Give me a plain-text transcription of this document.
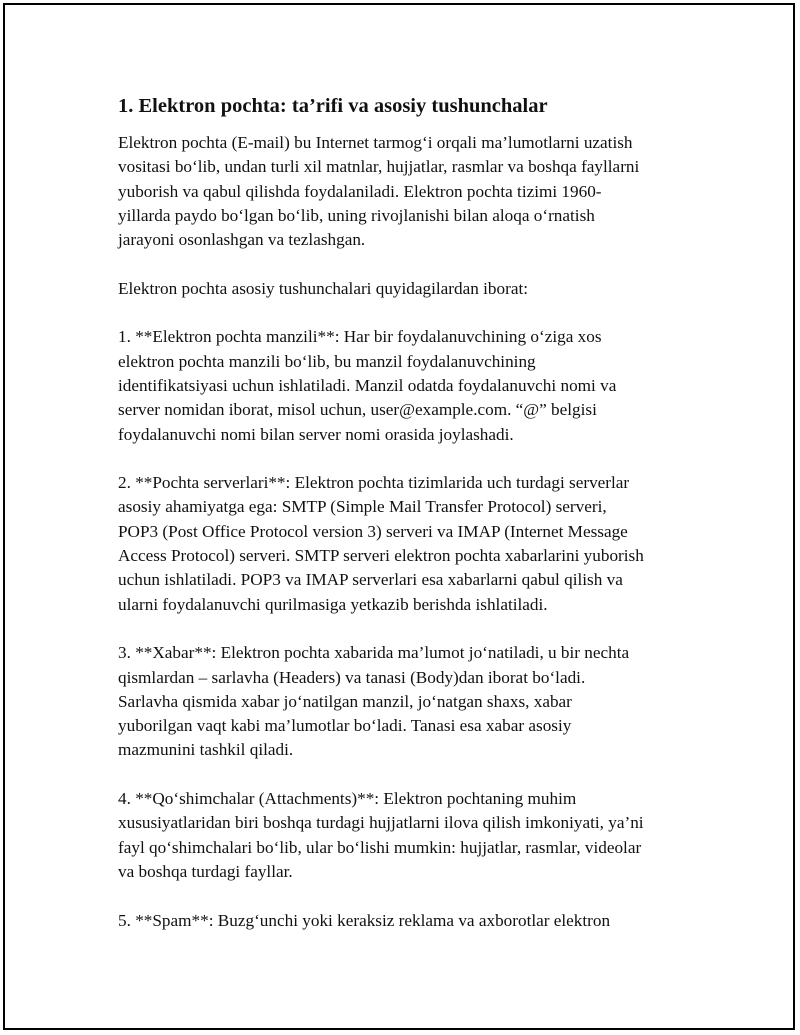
1. Elektron pochta: ta’rifi va asosiy tushunchalar

Elektron pochta (E-mail) bu Internet tarmog‘i orqali ma’lumotlarni uzatish
vositasi bo‘lib, undan turli xil matnlar, hujjatlar, rasmlar va boshqa fayllarni
yuborish va qabul qilishda foydalaniladi. Elektron pochta tizimi 1960-
yillarda paydo bo‘lgan bo‘lib, uning rivojlanishi bilan aloqa o‘rnatish
jarayoni osonlashgan va tezlashgan.

Elektron pochta asosiy tushunchalari quyidagilardan iborat:

1. **Elektron pochta manzili**: Har bir foydalanuvchining o‘ziga xos
elektron pochta manzili bo‘lib, bu manzil foydalanuvchining
identifikatsiyasi uchun ishlatiladi. Manzil odatda foydalanuvchi nomi va
server nomidan iborat, misol uchun, user@example.com. “@” belgisi
foydalanuvchi nomi bilan server nomi orasida joylashadi.

2. **Pochta serverlari**: Elektron pochta tizimlarida uch turdagi serverlar
asosiy ahamiyatga ega: SMTP (Simple Mail Transfer Protocol) serveri,
POP3 (Post Office Protocol version 3) serveri va IMAP (Internet Message
Access Protocol) serveri. SMTP serveri elektron pochta xabarlarini yuborish
uchun ishlatiladi. POP3 va IMAP serverlari esa xabarlarni qabul qilish va
ularni foydalanuvchi qurilmasiga yetkazib berishda ishlatiladi.

3. **Xabar**: Elektron pochta xabarida ma’lumot jo‘natiladi, u bir nechta
qismlardan – sarlavha (Headers) va tanasi (Body)dan iborat bo‘ladi.
Sarlavha qismida xabar jo‘natilgan manzil, jo‘natgan shaxs, xabar
yuborilgan vaqt kabi ma’lumotlar bo‘ladi. Tanasi esa xabar asosiy
mazmunini tashkil qiladi.

4. **Qo‘shimchalar (Attachments)**: Elektron pochtaning muhim
xususiyatlaridan biri boshqa turdagi hujjatlarni ilova qilish imkoniyati, ya’ni
fayl qo‘shimchalari bo‘lib, ular bo‘lishi mumkin: hujjatlar, rasmlar, videolar
va boshqa turdagi fayllar.

5. **Spam**: Buzg‘unchi yoki keraksiz reklama va axborotlar elektron
